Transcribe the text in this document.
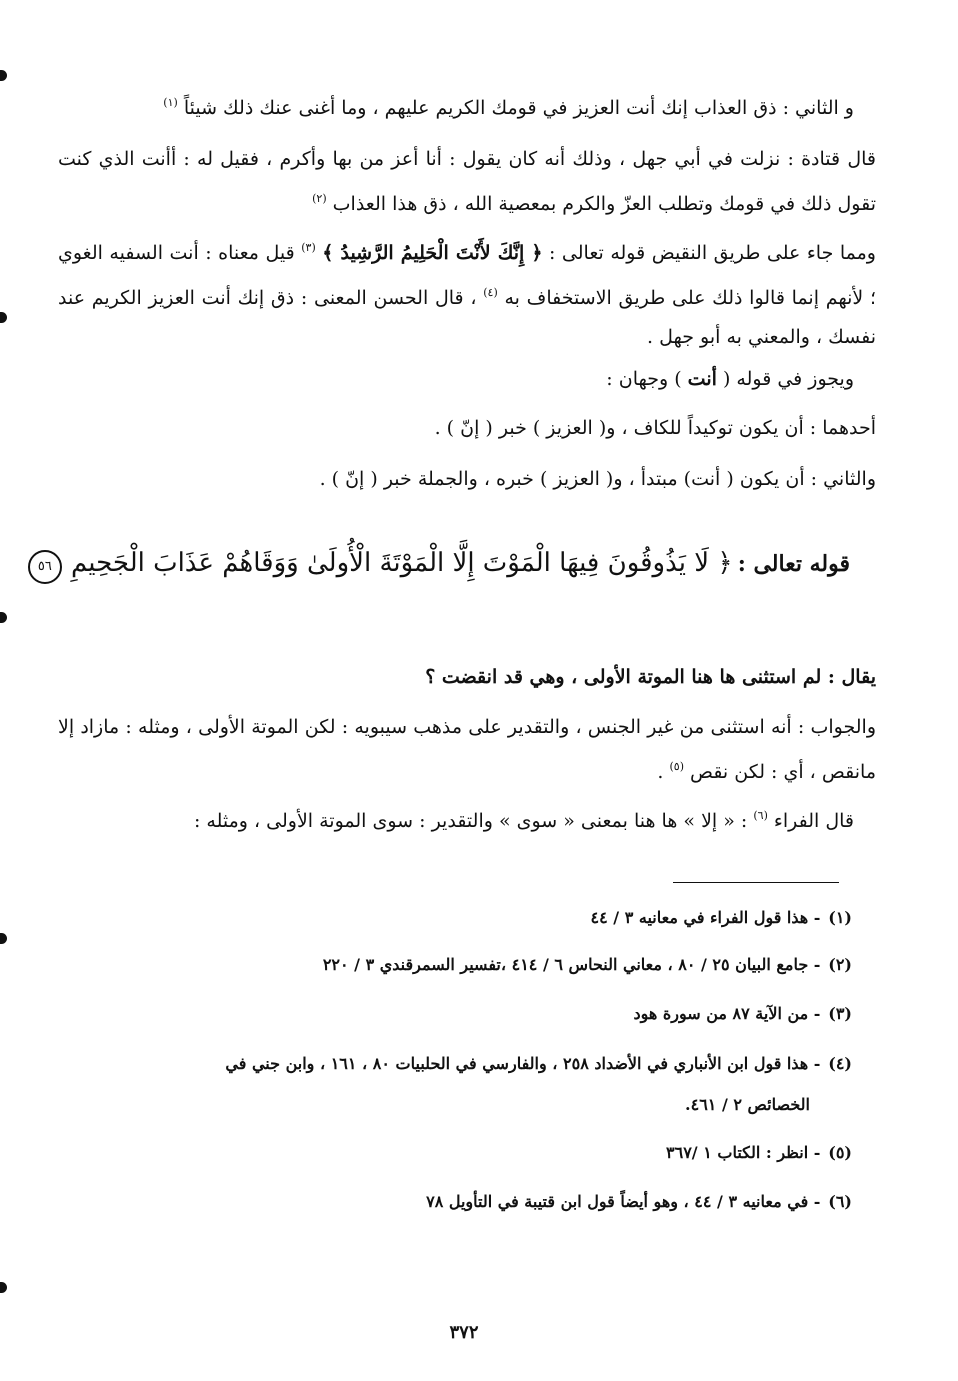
و الثاني : ذق العذاب إنك أنت العزيز في قومك الكريم عليهم ، وما أغنى عنك ذلك شيئاً $^{(١)}$

قال قتادة : نزلت في أبي جهل ، وذلك أنه كان يقول : أنا أعز من بها وأكرم ، فقيل له : أأنت الذي كنت تقول ذلك في قومك وتطلب العزّ والكرم بمعصية الله ، ذق هذا العذاب $^{(٢)}$

ومما جاء على طريق النقيض قوله تعالى : ﴿ إِنَّكَ لأَنْتَ الْحَلِيمُ الرَّشِيدُ ﴾ $^{(٣)}$ قيل معناه : أنت السفيه الغوي ؛ لأنهم إنما قالوا ذلك على طريق الاستخفاف به $^{(٤)}$ ، قال الحسن المعنى : ذق إنك أنت العزيز الكريم عند نفسك ، والمعني به أبو جهل .

ويجوز في قوله ( أنت ) وجهان :

أحدهما : أن يكون توكيداً للكاف ، و( العزيز ) خبر ( إنّ ) .

والثاني : أن يكون ( أنت) مبتدأ ، و( العزيز ) خبره ، والجملة خبر ( إنّ ) .

قوله تعالى : ﴿ لَا يَذُوقُونَ فِيهَا الْمَوْتَ إِلَّا الْمَوْتَةَ الْأُولَىٰ وَوَقَاهُمْ عَذَابَ الْجَحِيمِ ٥٦

يقال : لم استثنى ها هنا الموتة الأولى ، وهي قد انقضت ؟

والجواب : أنه استثنى من غير الجنس ، والتقدير على مذهب سيبويه : لكن الموتة الأولى ، ومثله : مازاد إلا مانقص ، أي : لكن نقص $^{(٥)}$ .

قال الفراء $^{(٦)}$ : « إلا » ها هنا بمعنى « سوى » والتقدير : سوى الموتة الأولى ، ومثله :

(١) - هذا قول الفراء في معانيه ٣ / ٤٤

(٢) - جامع البيان ٢٥ / ٨٠ ، معاني النحاس ٦ / ٤١٤ ،تفسير السمرقندي ٣ / ٢٢٠

(٣) - من الآية ٨٧ من سورة هود

(٤) - هذا قول ابن الأنباري في الأضداد ٢٥٨ ، والفارسي في الحلبيات ٨٠ ، ١٦١ ، وابن جني في

الخصائص ٢ / ٤٦١.

(٥) - انظر : الكتاب ١ /٣٦٧

(٦) - في معانيه ٣ / ٤٤ ، وهو أيضاً قول ابن قتيبة في التأويل ٧٨

٣٧٢
